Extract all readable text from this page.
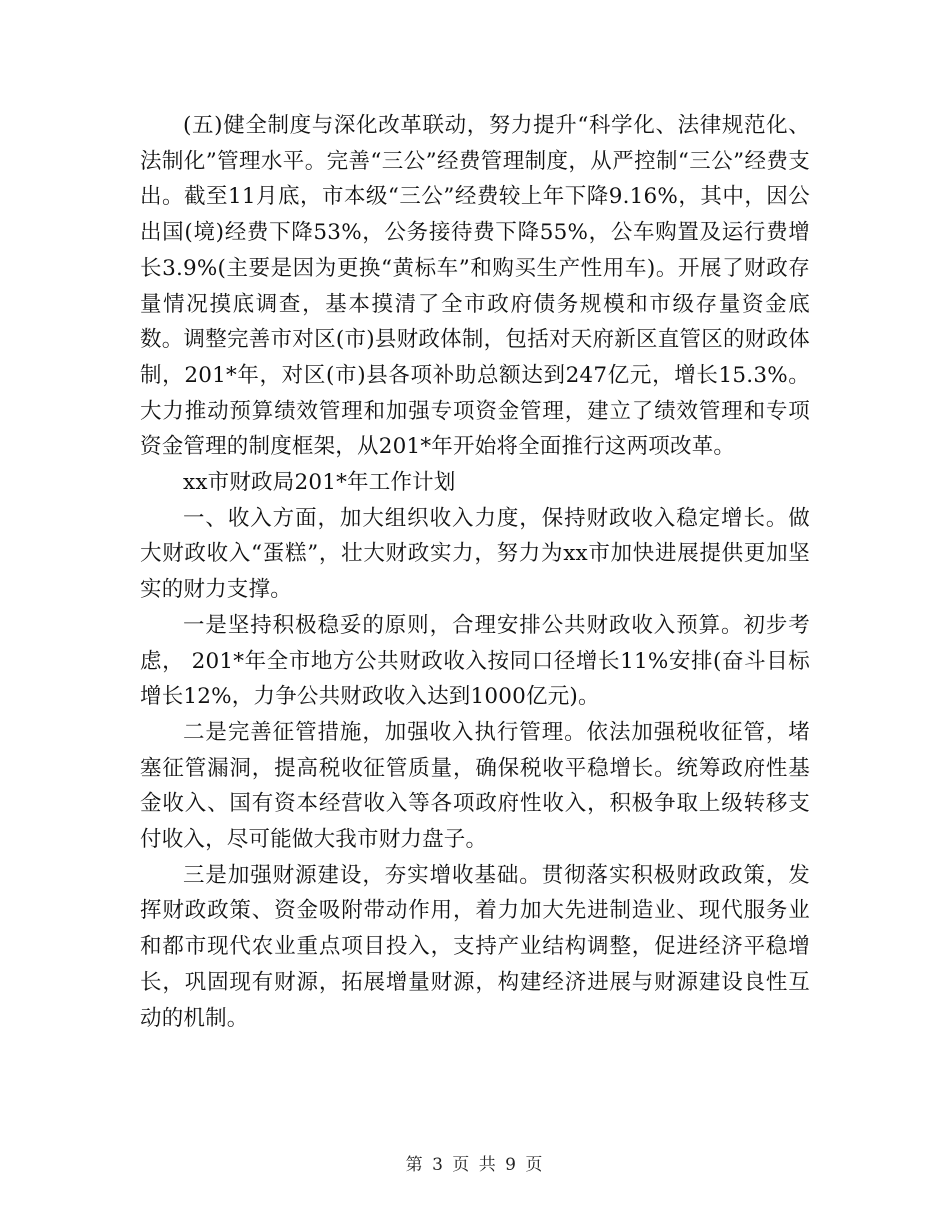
(五)健全制度与深化改革联动，努力提升“科学化、法律规范化、法制化”管理水平。完善“三公”经费管理制度，从严控制“三公”经费支出。截至11月底，市本级“三公”经费较上年下降9.16%，其中，因公出国(境)经费下降53%，公务接待费下降55%，公车购置及运行费增长3.9%(主要是因为更换“黄标车”和购买生产性用车)。开展了财政存量情况摸底调查，基本摸清了全市政府债务规模和市级存量资金底数。调整完善市对区(市)县财政体制，包括对天府新区直管区的财政体制，201*年，对区(市)县各项补助总额达到247亿元，增长15.3%。大力推动预算绩效管理和加强专项资金管理，建立了绩效管理和专项资金管理的制度框架，从201*年开始将全面推行这两项改革。

xx市财政局201*年工作计划

一、收入方面，加大组织收入力度，保持财政收入稳定增长。做大财政收入“蛋糕”，壮大财政实力，努力为xx市加快进展提供更加坚实的财力支撑。

一是坚持积极稳妥的原则，合理安排公共财政收入预算。初步考虑， 201*年全市地方公共财政收入按同口径增长11%安排(奋斗目标增长12%，力争公共财政收入达到1000亿元)。

二是完善征管措施，加强收入执行管理。依法加强税收征管，堵塞征管漏洞，提高税收征管质量，确保税收平稳增长。统筹政府性基金收入、国有资本经营收入等各项政府性收入，积极争取上级转移支付收入，尽可能做大我市财力盘子。

三是加强财源建设，夯实增收基础。贯彻落实积极财政政策，发挥财政政策、资金吸附带动作用，着力加大先进制造业、现代服务业和都市现代农业重点项目投入，支持产业结构调整，促进经济平稳增长，巩固现有财源，拓展增量财源，构建经济进展与财源建设良性互动的机制。

第 3 页 共 9 页
